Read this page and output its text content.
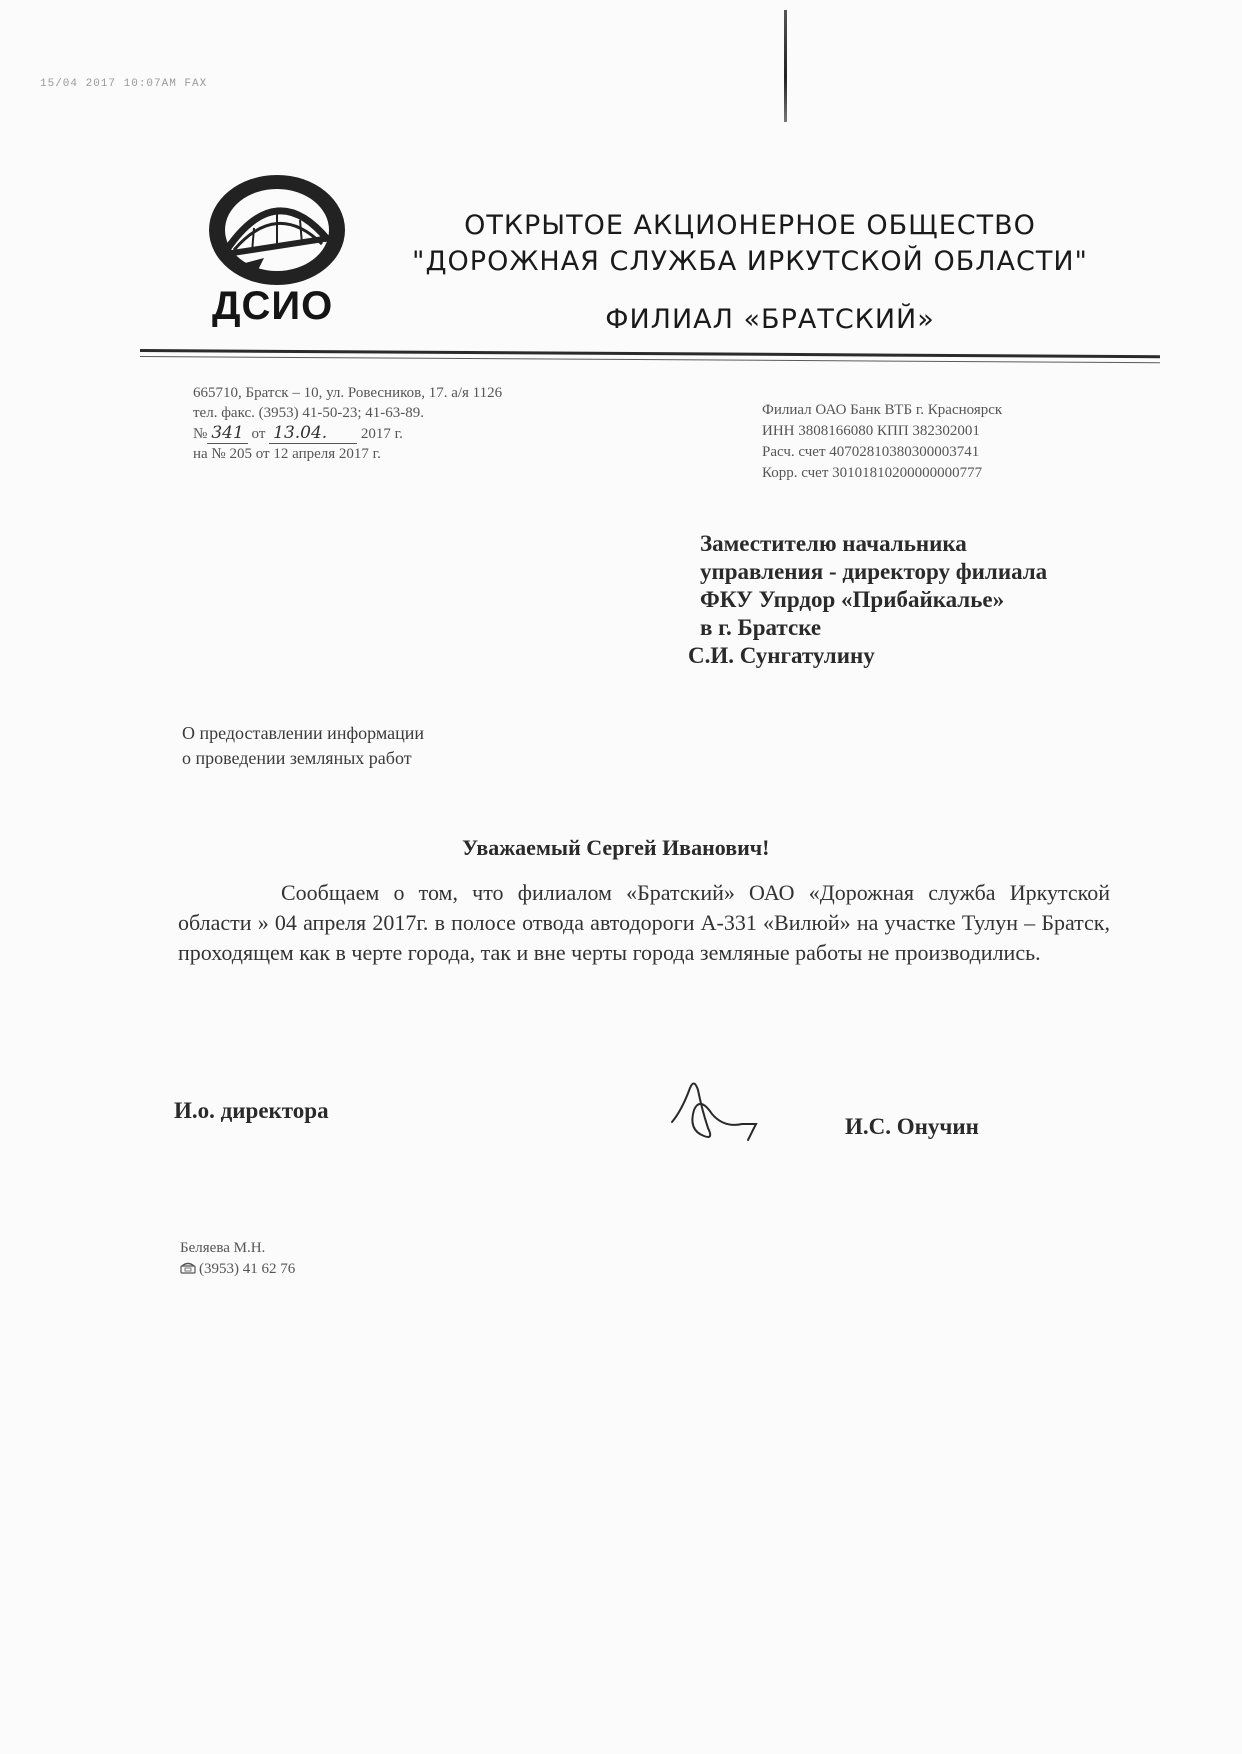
15/04 2017 10:07AM FAX
ДСИО
ОТКРЫТОЕ АКЦИОНЕРНОЕ ОБЩЕСТВО
"ДОРОЖНАЯ СЛУЖБА ИРКУТСКОЙ ОБЛАСТИ"
ФИЛИАЛ «БРАТСКИЙ»
665710, Братск – 10, ул. Ровесников, 17. а/я 1126
тел. факс. (3953) 41-50-23; 41-63-89.
№ 341 от 13.04. 2017 г.
на № 205 от 12 апреля 2017 г.
Филиал ОАО Банк ВТБ г. Красноярск
ИНН 3808166080 КПП 382302001
Расч. счет 40702810380300003741
Корр. счет 30101810200000000777
Заместителю начальника
управления - директору филиала
ФКУ Упрдор «Прибайкалье»
в г. Братске
С.И. Сунгатулину
О предоставлении информации
о проведении земляных работ
Уважаемый Сергей Иванович!
Сообщаем о том, что филиалом «Братский» ОАО «Дорожная служба Иркутской области » 04 апреля 2017г. в полосе отвода автодороги А-331 «Вилюй» на участке Тулун – Братск, проходящем как в черте города, так и вне черты города земляные работы не производились.
И.о. директора
И.С. Онучин
Беляева М.Н.
(3953) 41 62 76
